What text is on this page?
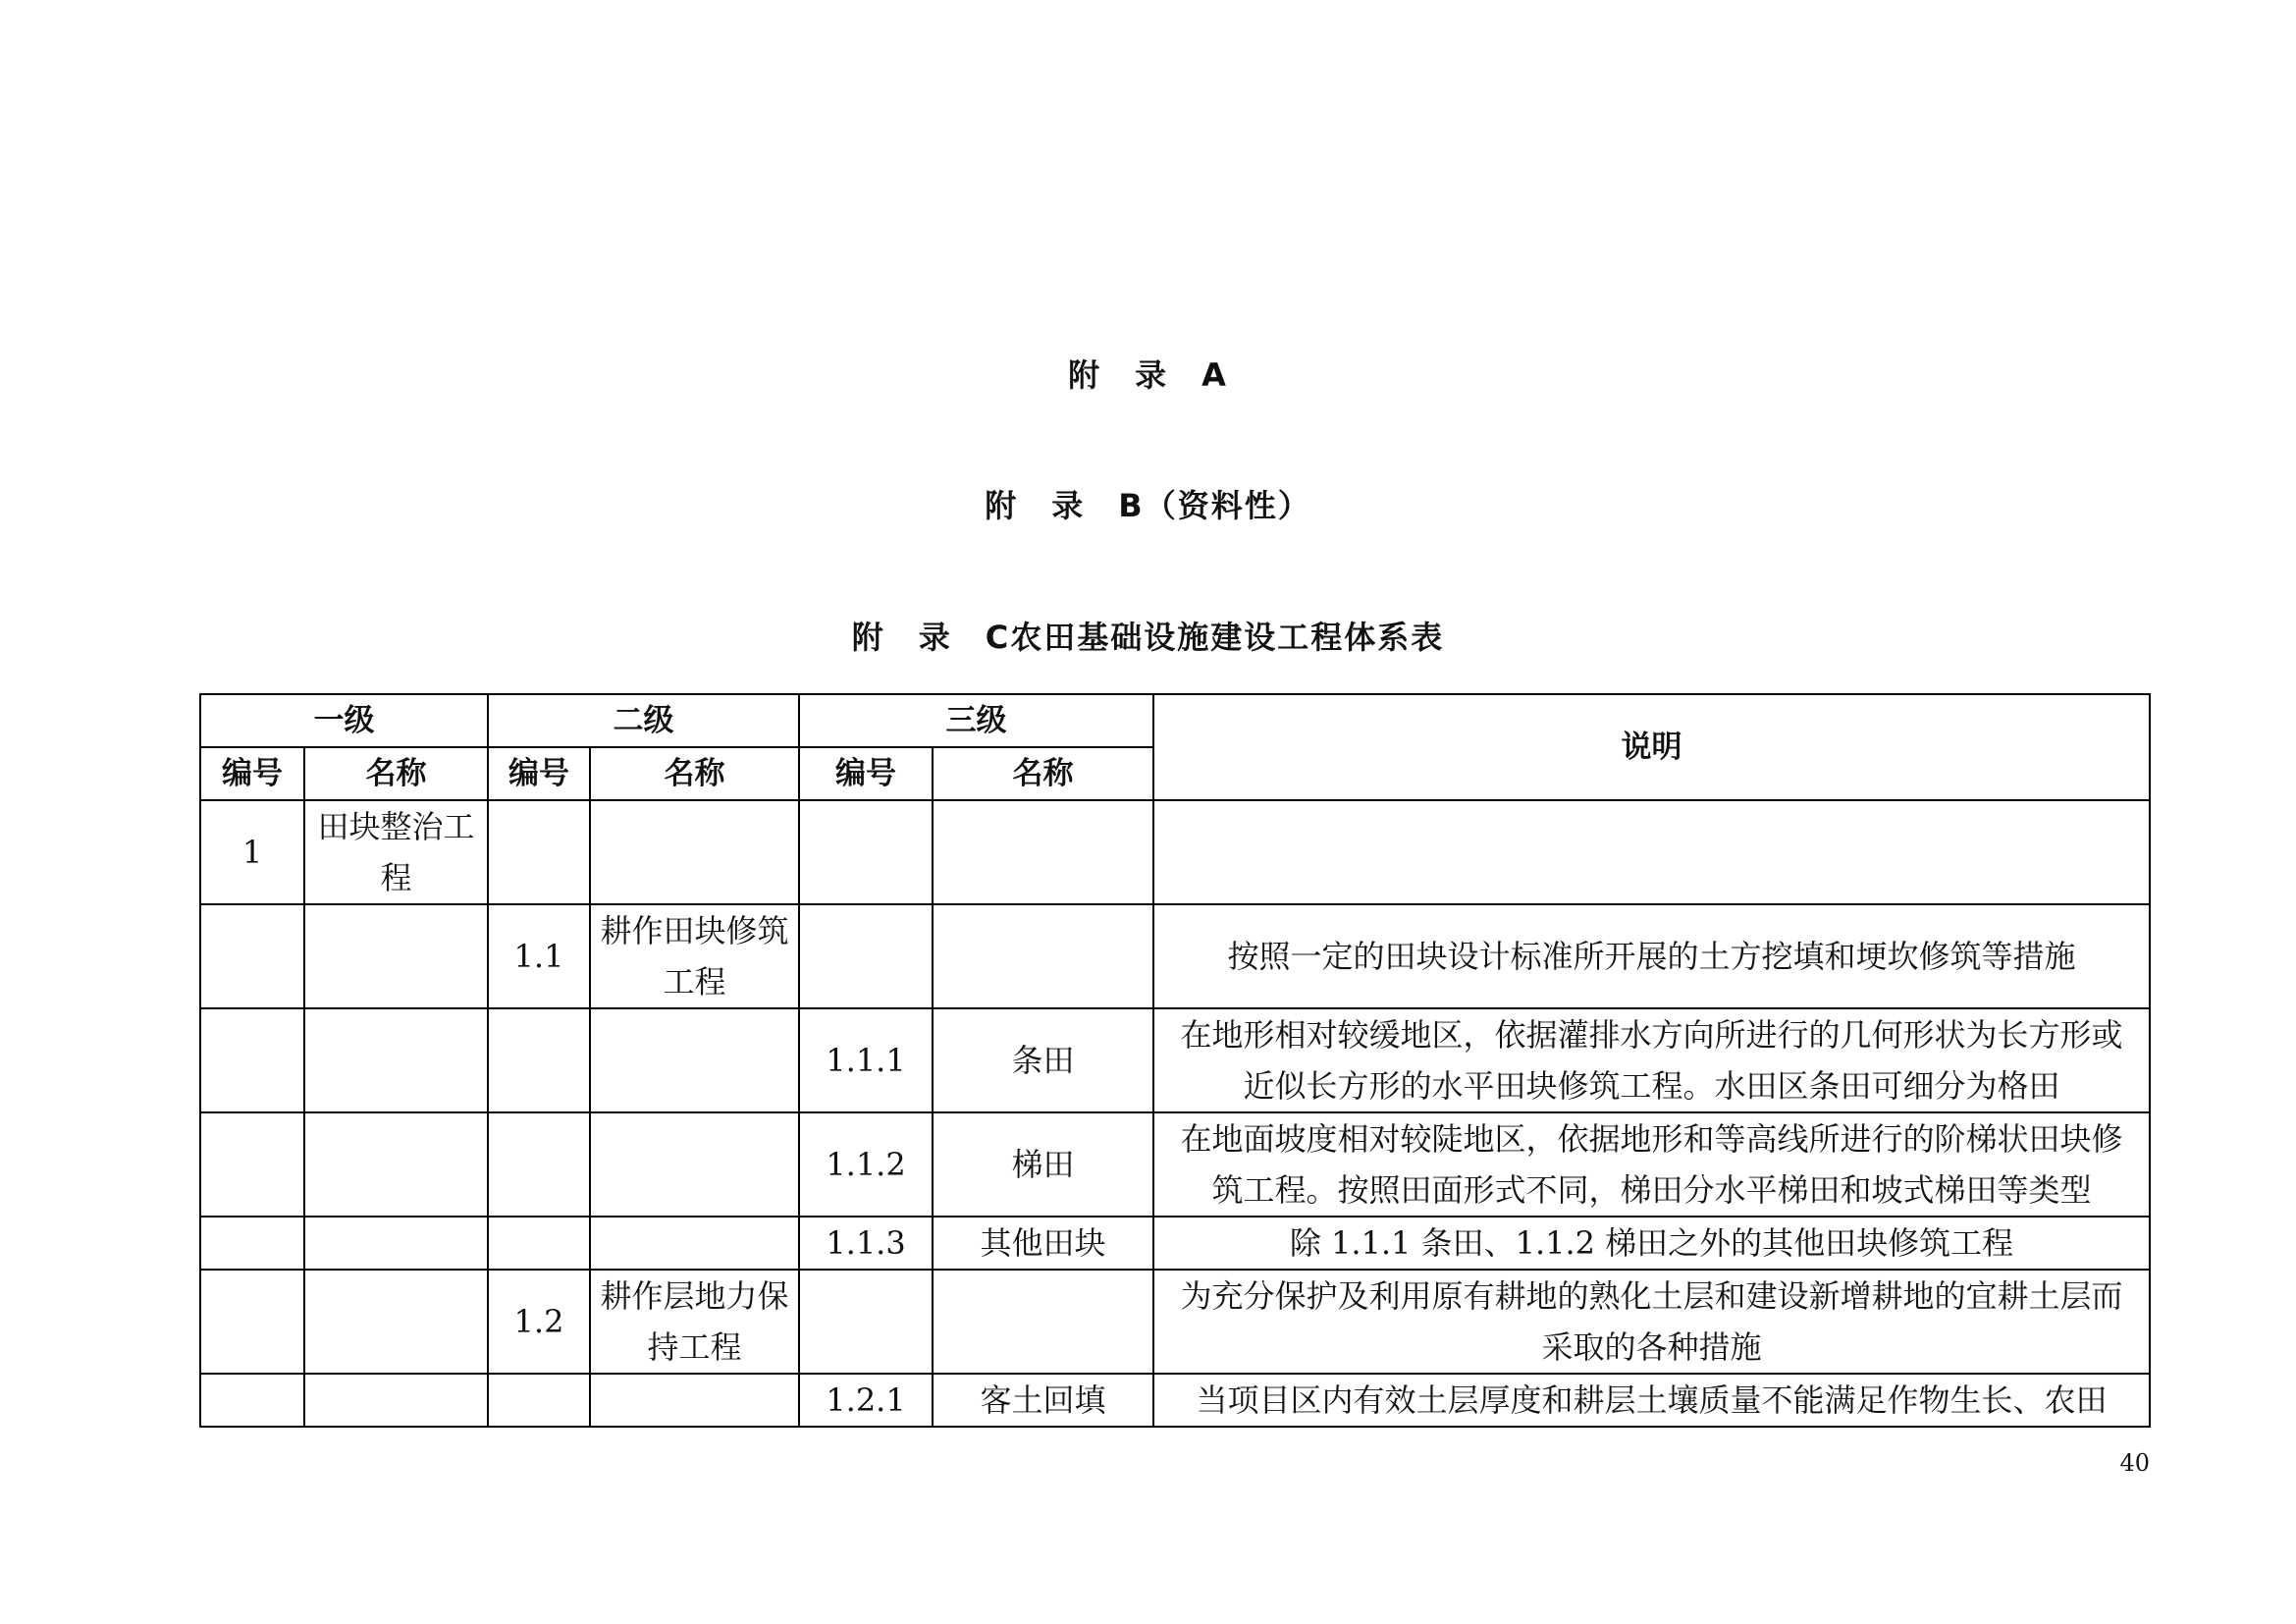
附　录　A
附　录　B（资料性）
附　录　C农田基础设施建设工程体系表
一级		二级		三级		说明
编号	名称	编号	名称	编号	名称	
1	田块整治工程					
		1.1	耕作田块修筑工程			按照一定的田块设计标准所开展的土方挖填和埂坎修筑等措施
				1.1.1	条田	在地形相对较缓地区，依据灌排水方向所进行的几何形状为长方形或近似长方形的水平田块修筑工程。水田区条田可细分为格田
				1.1.2	梯田	在地面坡度相对较陡地区，依据地形和等高线所进行的阶梯状田块修筑工程。按照田面形式不同，梯田分水平梯田和坡式梯田等类型
				1.1.3	其他田块	除 1.1.1 条田、1.1.2 梯田之外的其他田块修筑工程
		1.2	耕作层地力保持工程			为充分保护及利用原有耕地的熟化土层和建设新增耕地的宜耕土层而采取的各种措施
				1.2.1	客土回填	当项目区内有效土层厚度和耕层土壤质量不能满足作物生长、农田
40
